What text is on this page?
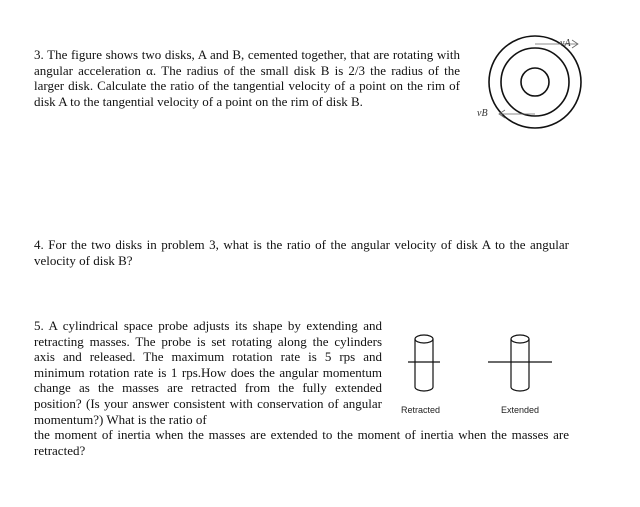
3. The figure shows two disks, A and B, cemented together, that are rotating with angular acceleration α. The radius of the small disk B is 2/3 the radius of the larger disk. Calculate the ratio of the tangential velocity of a point on the rim of disk A to the tangential velocity of a point on the rim of disk B.

vA
vB

4. For the two disks in problem 3, what is the ratio of the angular velocity of disk A to the angular velocity of disk B?

5. A cylindrical space probe adjusts its shape by extending and retracting masses. The probe is set rotating along the cylinders axis and released. The maximum rotation rate is 5 rps and minimum rotation rate is 1 rps.How does the angular momentum change as the masses are retracted from the fully extended position? (Is your answer consistent with conservation of angular momentum?) What is the ratio of

Retracted	Extended

the moment of inertia when the masses are extended to the moment of inertia when the masses are retracted?
